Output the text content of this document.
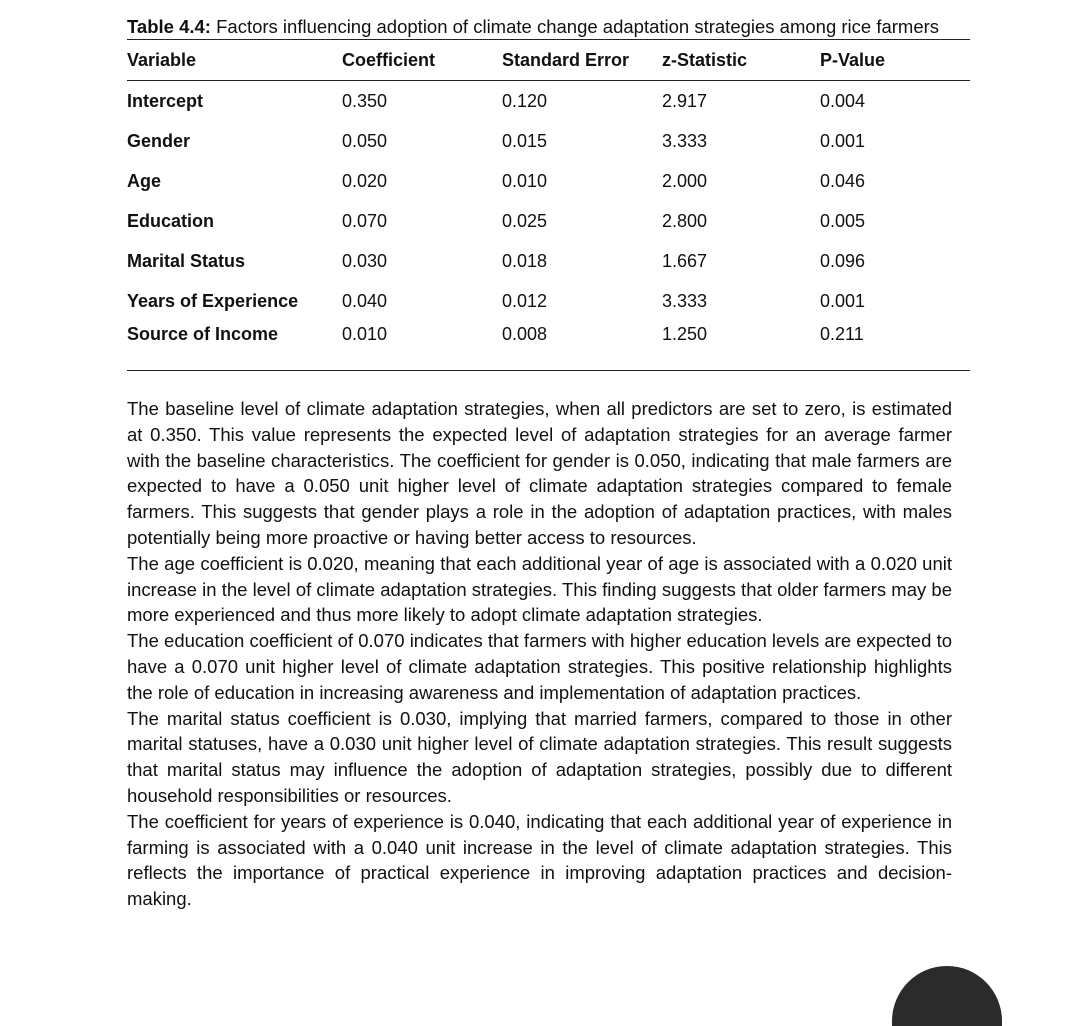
Table 4.4: Factors influencing adoption of climate change adaptation strategies among rice farmers
Variable	Coefficient	Standard Error	z-Statistic	P-Value
Intercept	0.350	0.120	2.917	0.004
Gender	0.050	0.015	3.333	0.001
Age	0.020	0.010	2.000	0.046
Education	0.070	0.025	2.800	0.005
Marital Status	0.030	0.018	1.667	0.096
Years of Experience	0.040	0.012	3.333	0.001
Source of Income	0.010	0.008	1.250	0.211

The baseline level of climate adaptation strategies, when all predictors are set to zero, is estimated at 0.350. This value represents the expected level of adaptation strategies for an average farmer with the baseline characteristics. The coefficient for gender is 0.050, indicating that male farmers are expected to have a 0.050 unit higher level of climate adaptation strategies compared to female farmers. This suggests that gender plays a role in the adoption of adaptation practices, with males potentially being more proactive or having better access to resources.

The age coefficient is 0.020, meaning that each additional year of age is associated with a 0.020 unit increase in the level of climate adaptation strategies. This finding suggests that older farmers may be more experienced and thus more likely to adopt climate adaptation strategies.

The education coefficient of 0.070 indicates that farmers with higher education levels are expected to have a 0.070 unit higher level of climate adaptation strategies. This positive relationship highlights the role of education in increasing awareness and implementation of adaptation practices.

The marital status coefficient is 0.030, implying that married farmers, compared to those in other marital statuses, have a 0.030 unit higher level of climate adaptation strategies. This result suggests that marital status may influence the adoption of adaptation strategies, possibly due to different household responsibilities or resources.

The coefficient for years of experience is 0.040, indicating that each additional year of experience in farming is associated with a 0.040 unit increase in the level of climate adaptation strategies. This reflects the importance of practical experience in improving adaptation practices and decision-making.
